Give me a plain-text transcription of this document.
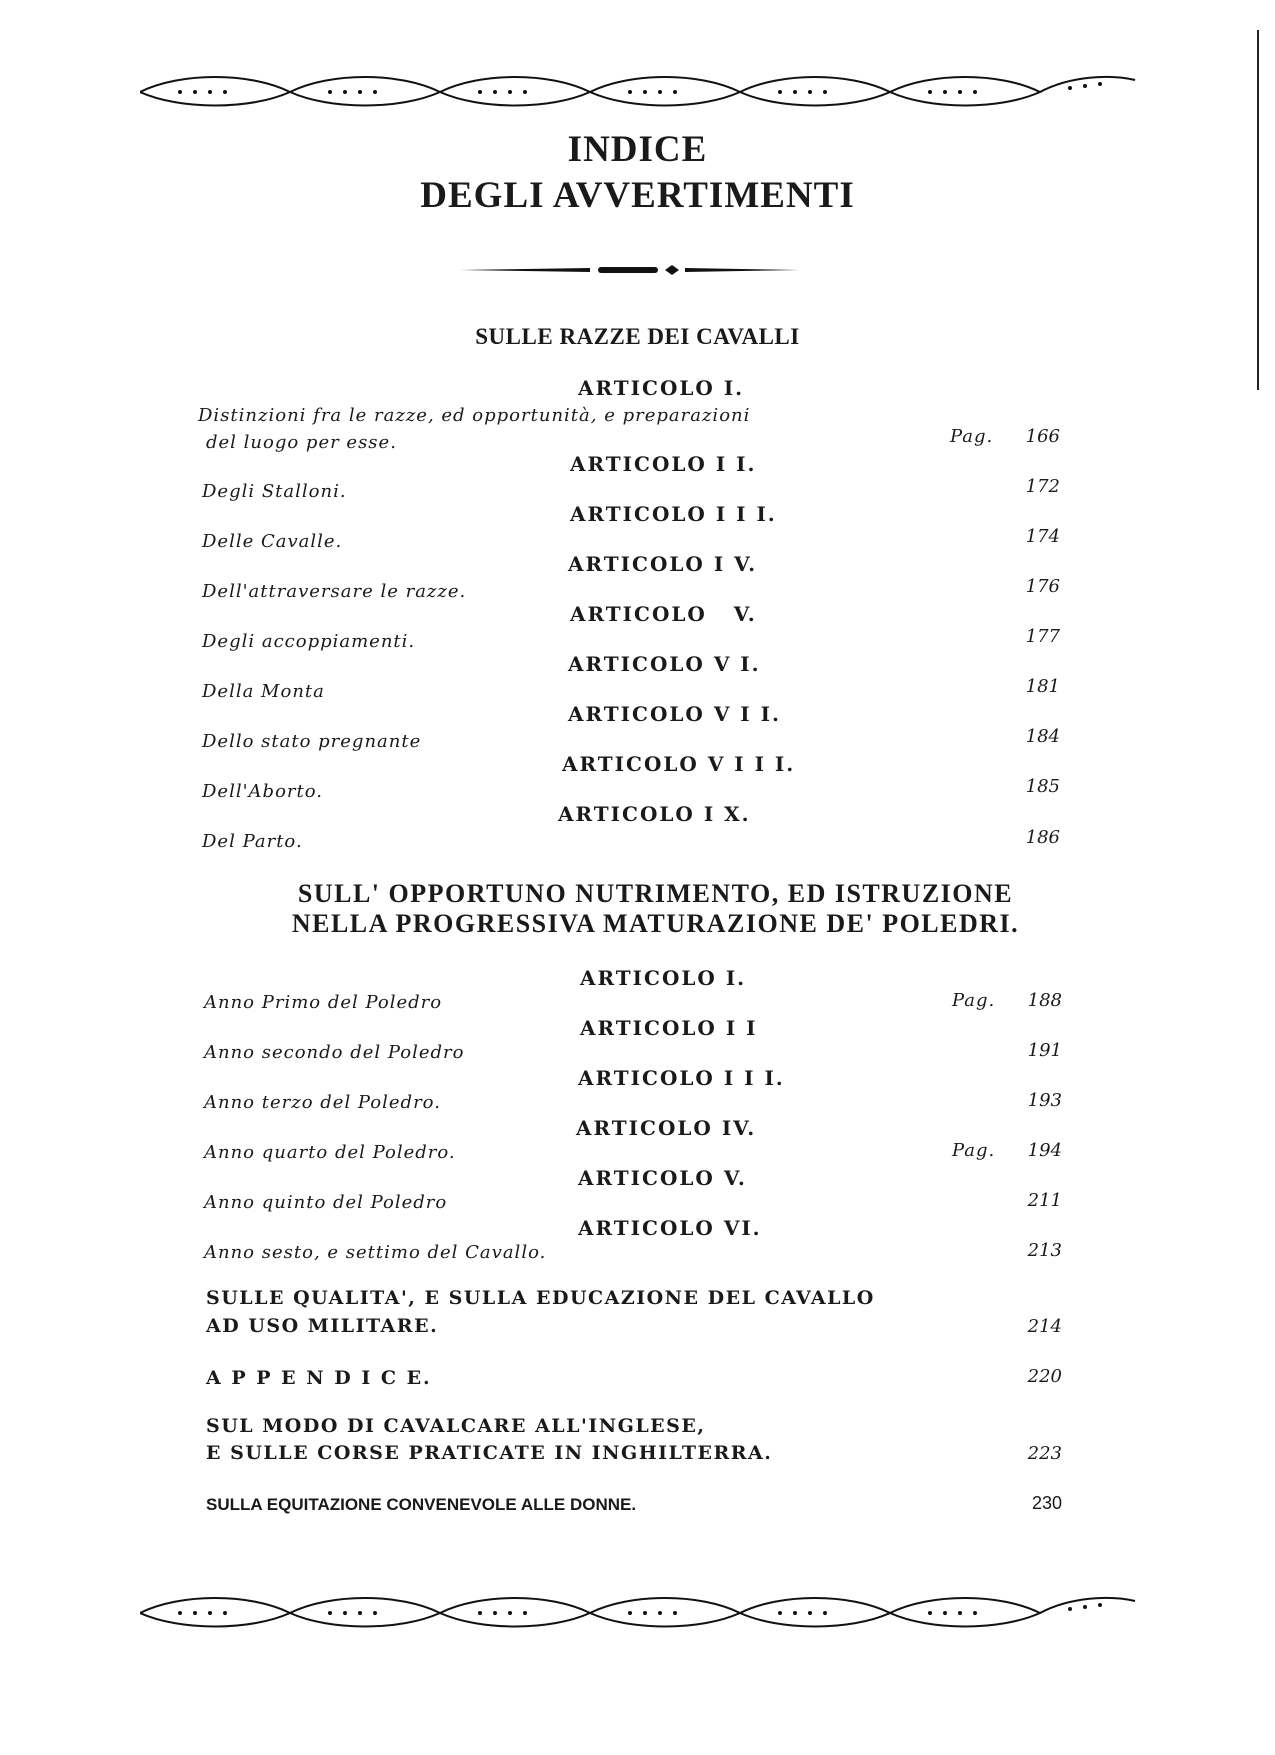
INDICE
DEGLI AVVERTIMENTI
SULLE RAZZE DEI CAVALLI
ARTICOLO I.
Distinzioni fra le razze, ed opportunità, e preparazioni
del luogo per esse.	Pag.	166
ARTICOLO I I.
Degli Stalloni.	172
ARTICOLO I I I.
Delle Cavalle.	174
ARTICOLO I V.
Dell'attraversare le razze.	176
ARTICOLO   V.
Degli accoppiamenti.	177
ARTICOLO V I.
Della Monta	181
ARTICOLO V I I.
Dello stato pregnante	184
ARTICOLO V I I I.
Dell'Aborto.	185
ARTICOLO I X.
Del Parto.	186
SULL' OPPORTUNO NUTRIMENTO, ED ISTRUZIONE
NELLA PROGRESSIVA MATURAZIONE DE' POLEDRI.
ARTICOLO I.
Anno Primo del Poledro	Pag.	188
ARTICOLO I I
Anno secondo del Poledro	191
ARTICOLO I I I.
Anno terzo del Poledro.	193
ARTICOLO IV.
Anno quarto del Poledro.	Pag.	194
ARTICOLO V.
Anno quinto del Poledro	211
ARTICOLO VI.
Anno sesto, e settimo del Cavallo.	213
SULLE QUALITA', E SULLA EDUCAZIONE DEL CAVALLO
AD USO MILITARE.	214
A P P E N D I C E.	220
SUL MODO DI CAVALCARE ALL'INGLESE,
E SULLE CORSE PRATICATE IN INGHILTERRA.	223
SULLA EQUITAZIONE CONVENEVOLE ALLE DONNE.	230
